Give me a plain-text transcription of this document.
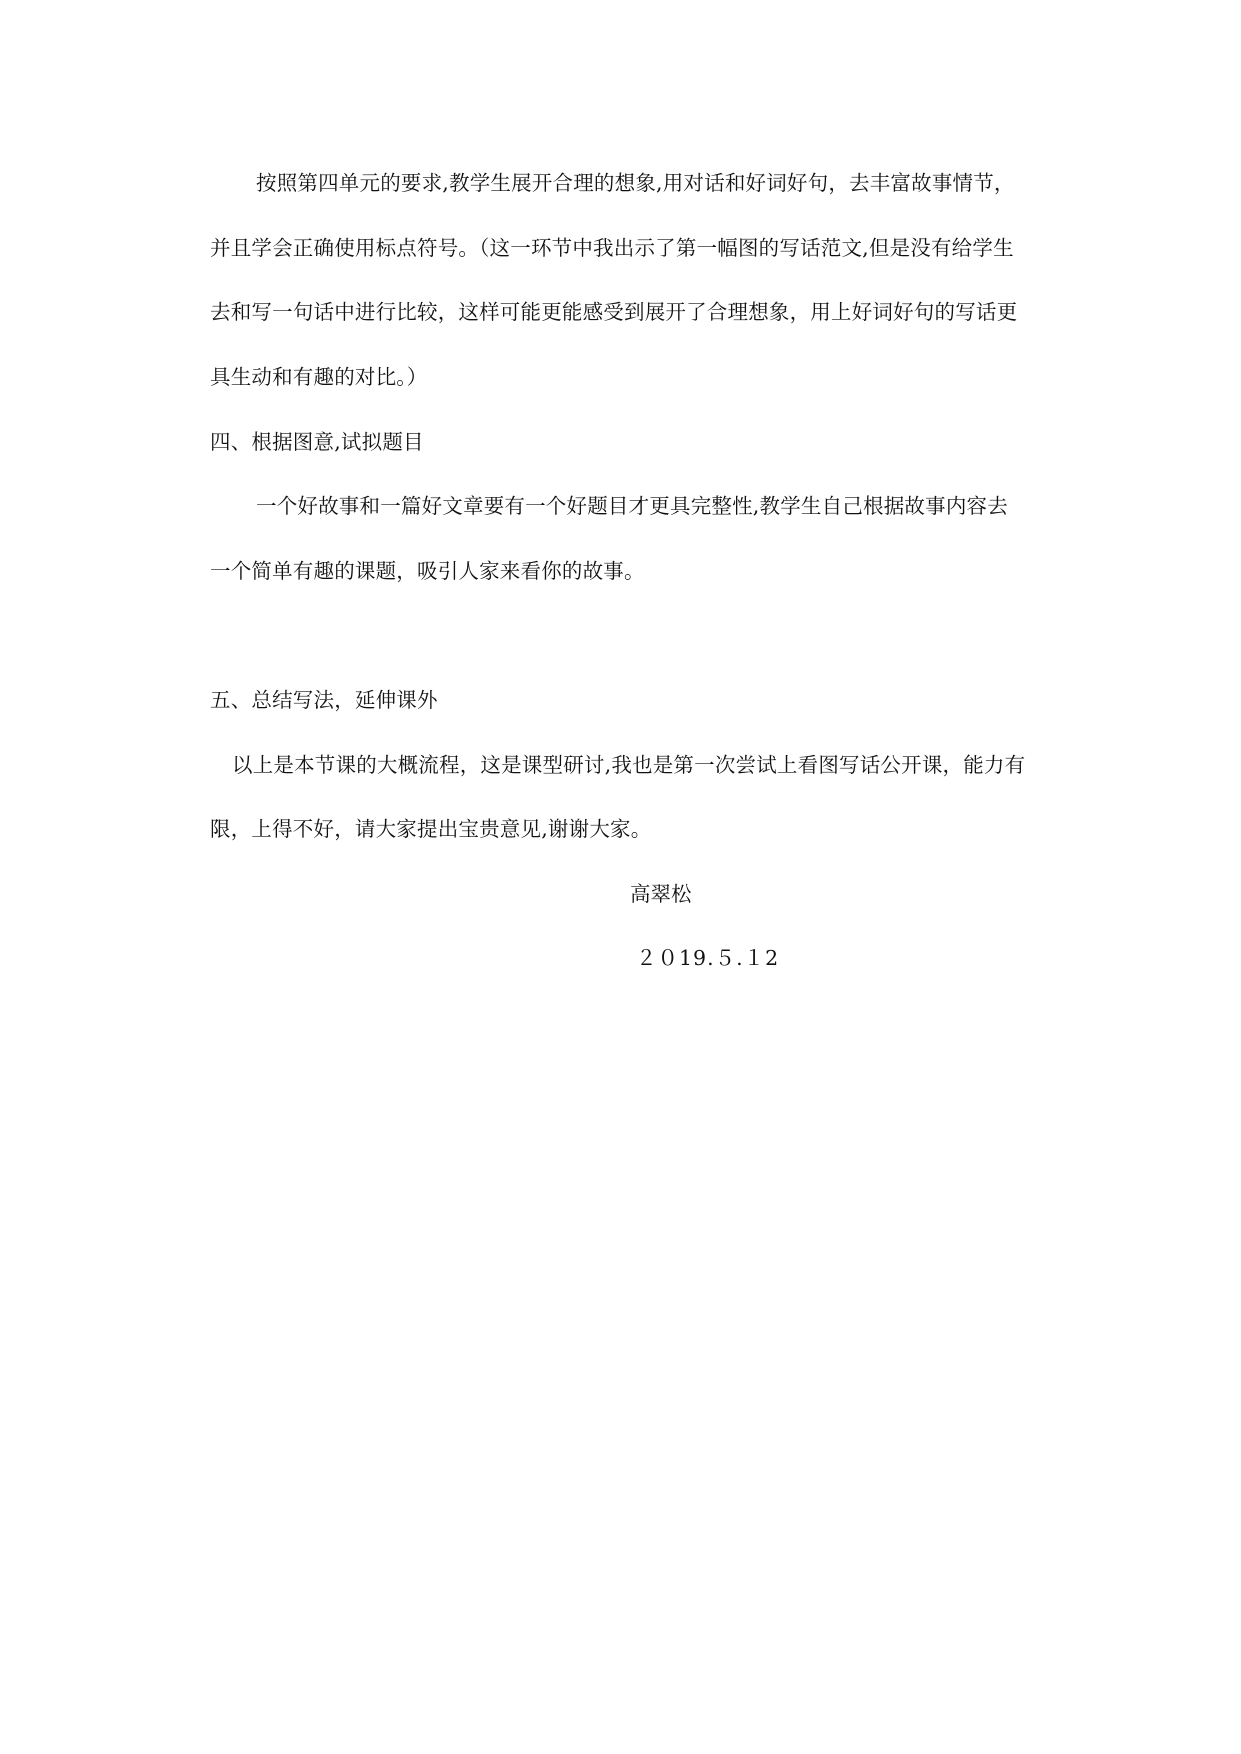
按照第四单元的要求,教学生展开合理的想象,用对话和好词好句，去丰富故事情节，
并且学会正确使用标点符号。（这一环节中我出示了第一幅图的写话范文,但是没有给学生
去和写一句话中进行比较，这样可能更能感受到展开了合理想象，用上好词好句的写话更
具生动和有趣的对比。）
四、根据图意,试拟题目
一个好故事和一篇好文章要有一个好题目才更具完整性,教学生自己根据故事内容去
一个简单有趣的课题，吸引人家来看你的故事。
五、总结写法，延伸课外
以上是本节课的大概流程，这是课型研讨,我也是第一次尝试上看图写话公开课，能力有
限，上得不好，请大家提出宝贵意见,谢谢大家。
高翠松
２０19.５.１2
